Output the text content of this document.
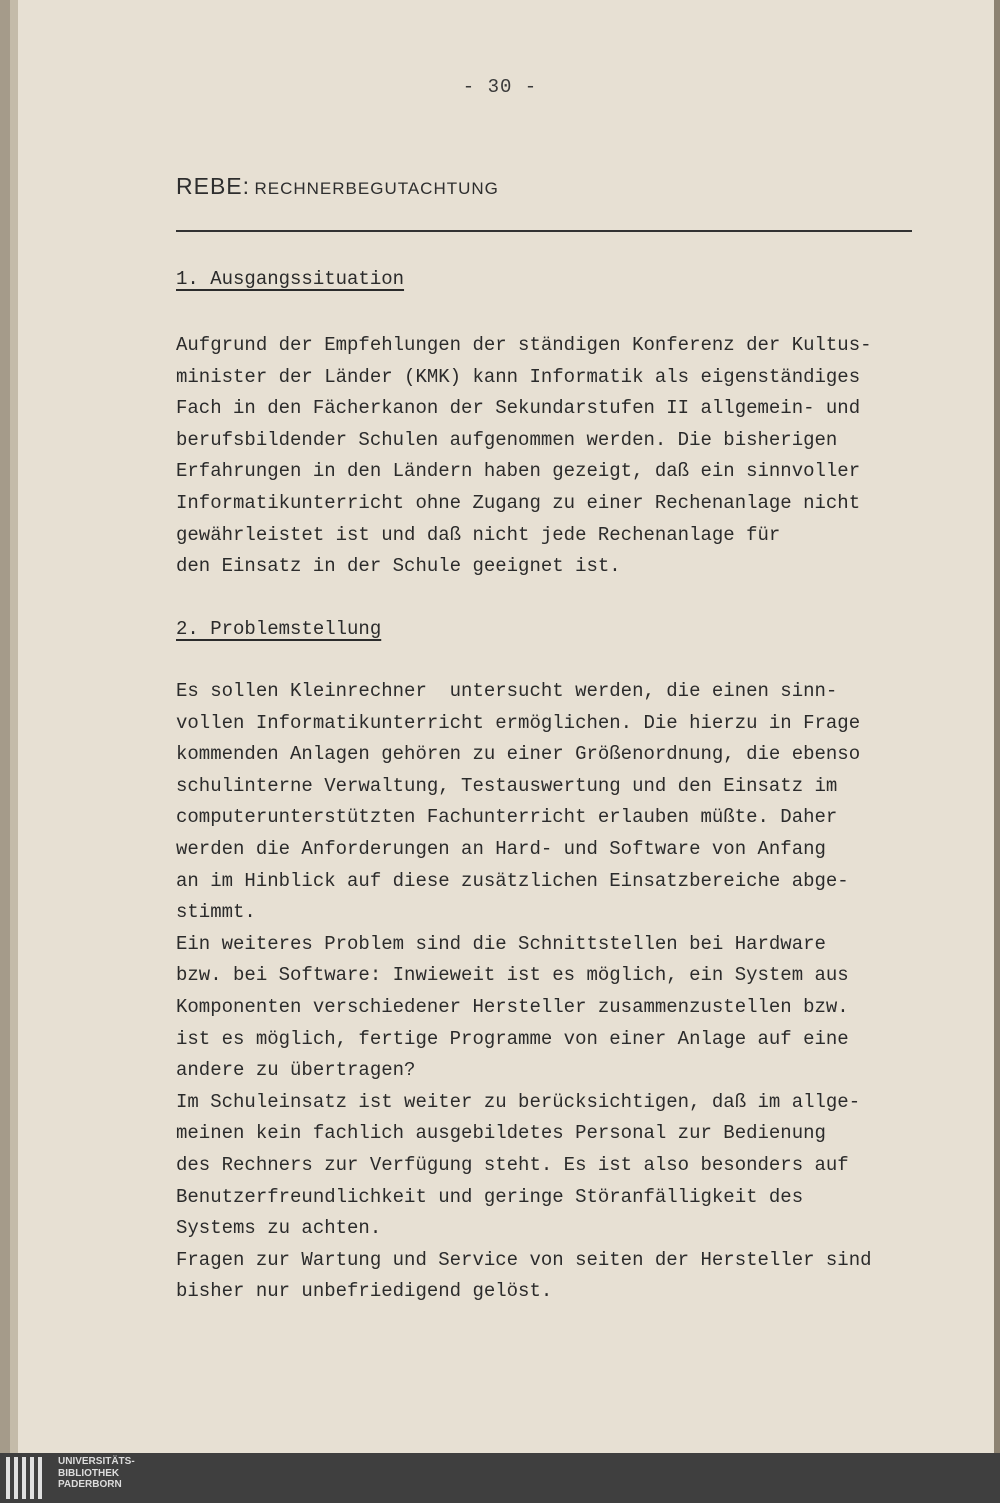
- 30 -
REBE: RECHNERBEGUTACHTUNG
1. Ausgangssituation
Aufgrund der Empfehlungen der ständigen Konferenz der Kultus-
minister der Länder (KMK) kann Informatik als eigenständiges
Fach in den Fächerkanon der Sekundarstufen II allgemein- und
berufsbildender Schulen aufgenommen werden. Die bisherigen
Erfahrungen in den Ländern haben gezeigt, daß ein sinnvoller
Informatikunterricht ohne Zugang zu einer Rechenanlage nicht
gewährleistet ist und daß nicht jede Rechenanlage für
den Einsatz in der Schule geeignet ist.
2. Problemstellung
Es sollen Kleinrechner  untersucht werden, die einen sinn-
vollen Informatikunterricht ermöglichen. Die hierzu in Frage
kommenden Anlagen gehören zu einer Größenordnung, die ebenso
schulinterne Verwaltung, Testauswertung und den Einsatz im
computerunterstützten Fachunterricht erlauben müßte. Daher
werden die Anforderungen an Hard- und Software von Anfang
an im Hinblick auf diese zusätzlichen Einsatzbereiche abge-
stimmt.
Ein weiteres Problem sind die Schnittstellen bei Hardware
bzw. bei Software: Inwieweit ist es möglich, ein System aus
Komponenten verschiedener Hersteller zusammenzustellen bzw.
ist es möglich, fertige Programme von einer Anlage auf eine
andere zu übertragen?
Im Schuleinsatz ist weiter zu berücksichtigen, daß im allge-
meinen kein fachlich ausgebildetes Personal zur Bedienung
des Rechners zur Verfügung steht. Es ist also besonders auf
Benutzerfreundlichkeit und geringe Störanfälligkeit des
Systems zu achten.
Fragen zur Wartung und Service von seiten der Hersteller sind
bisher nur unbefriedigend gelöst.
UNIVERSITÄTS-
BIBLIOTHEK
PADERBORN
